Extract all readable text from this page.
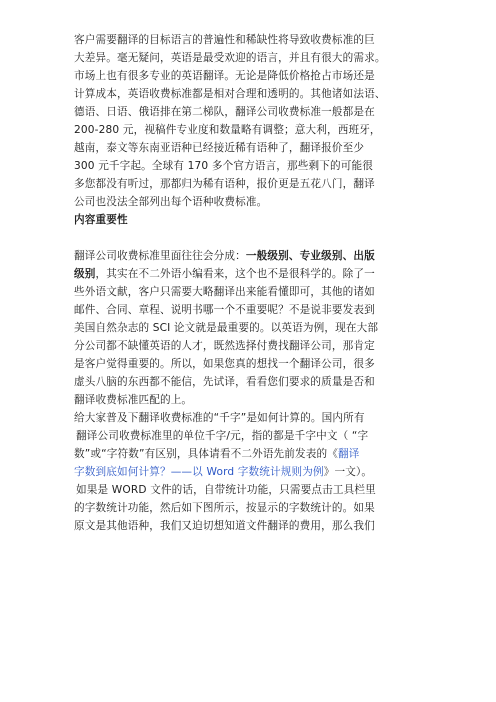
客户需要翻译的目标语言的普遍性和稀缺性将导致收费标准的巨
大差异。毫无疑问，英语是最受欢迎的语言，并且有很大的需求。
市场上也有很多专业的英语翻译。无论是降低价格抢占市场还是
计算成本，英语收费标准都是相对合理和透明的。其他诸如法语、
德语、日语、俄语排在第二梯队，翻译公司收费标准一般都是在
200-280 元，视稿件专业度和数量略有调整；意大利，西班牙，
越南，泰文等东南亚语种已经接近稀有语种了，翻译报价至少
300 元千字起。全球有 170 多个官方语言，那些剩下的可能很
多您都没有听过，那都归为稀有语种，报价更是五花八门，翻译
公司也没法全部列出每个语种收费标准。
内容重要性
翻译公司收费标准里面往往会分成：一般级别、专业级别、出版
级别，其实在不二外语小编看来，这个也不是很科学的。除了一
些外语文献，客户只需要大略翻译出来能看懂即可，其他的诸如
邮件、合同、章程、说明书哪一个不重要呢？不是说非要发表到
美国自然杂志的 SCI 论文就是最重要的。以英语为例，现在大部
分公司都不缺懂英语的人才，既然选择付费找翻译公司，那肯定
是客户觉得重要的。所以，如果您真的想找一个翻译公司，很多
虚头八脑的东西都不能信，先试译，看看您们要求的质量是否和
翻译收费标准匹配的上。
给大家普及下翻译收费标准的“千字”是如何计算的。国内所有
翻译公司收费标准里的单位千字/元，指的都是千字中文（ “字
数”或“字符数”有区别，具体请看不二外语先前发表的《翻译
字数到底如何计算？——以 Word 字数统计规则为例》一文）。
如果是 WORD 文件的话，自带统计功能，只需要点击工具栏里
的字数统计功能，然后如下图所示，按显示的字数统计的。如果
原文是其他语种，我们又迫切想知道文件翻译的费用，那么我们
